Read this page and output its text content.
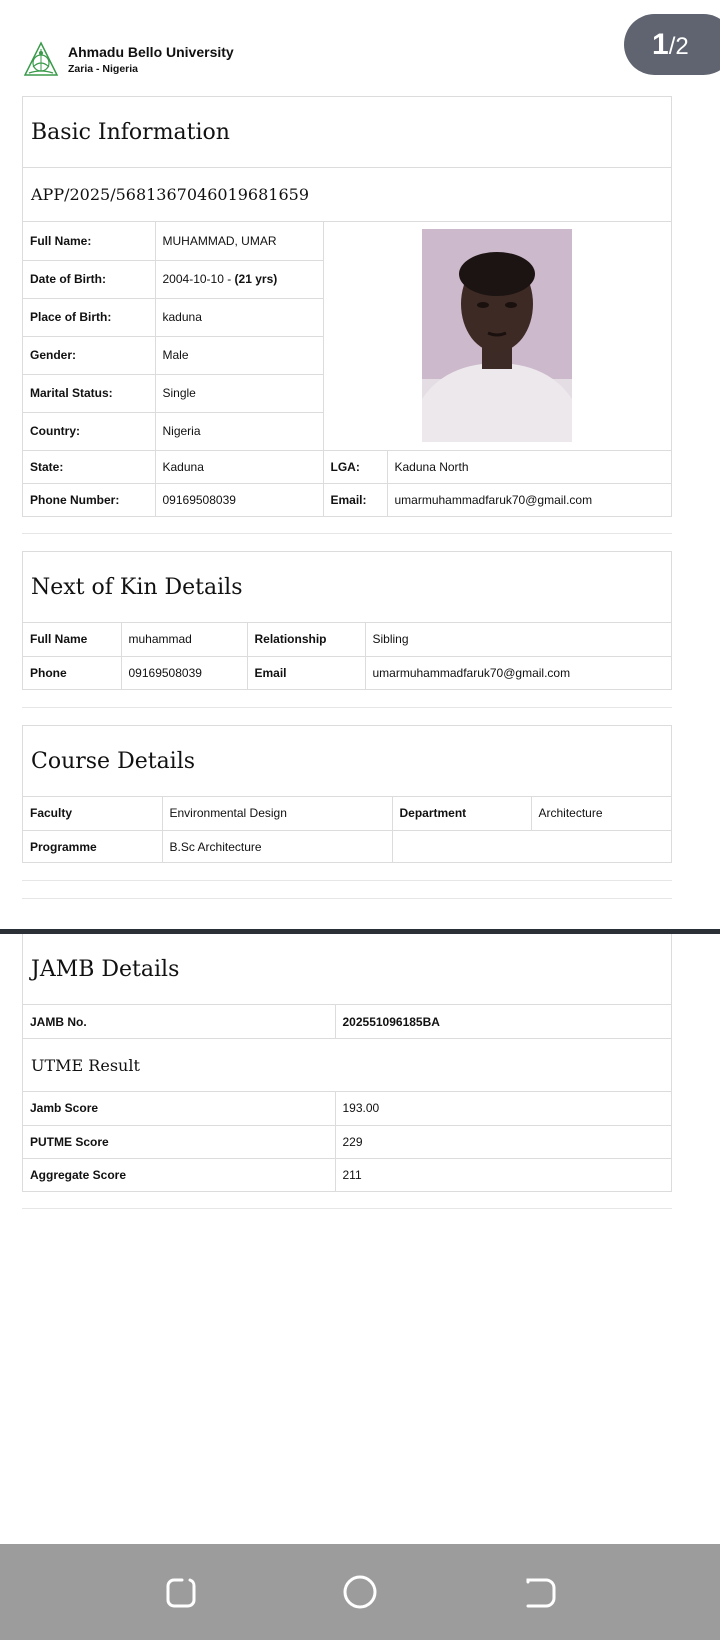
Ahmadu Bello University
Zaria - Nigeria
1/2
Basic Information
APP/2025/5681367046019681659
Full Name:	MUHAMMAD, UMAR	
Date of Birth:	2004-10-10 - (21 yrs)		
Place of Birth:	kaduna		
Gender:	Male		
Marital Status:	Single		
Country:	Nigeria		
State:	Kaduna	LGA:	Kaduna North
Phone Number:	09169508039	Email:	umarmuhammadfaruk70@gmail.com
Next of Kin Details
Full Name	muhammad	Relationship	Sibling
Phone	09169508039	Email	umarmuhammadfaruk70@gmail.com
Course Details
Faculty	Environmental Design	Department	Architecture
Programme	B.Sc Architecture		
JAMB Details
JAMB No.	202551096185BA
UTME Result
Jamb Score	193.00
PUTME Score	229
Aggregate Score	211
